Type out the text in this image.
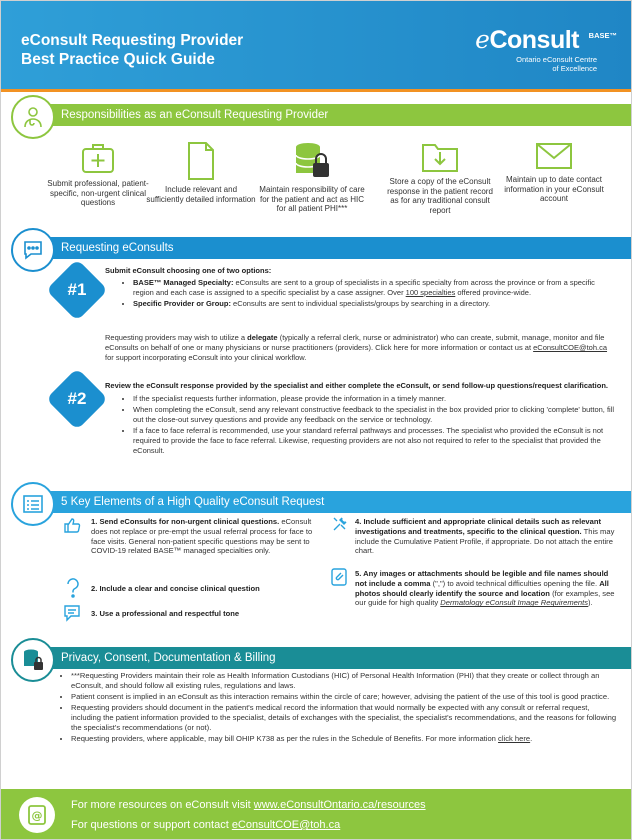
eConsult Requesting Provider
Best Practice Quick Guide
eConsult BASE™
Ontario eConsult Centre
of Excellence
Responsibilities as an eConsult Requesting Provider
Submit professional, patient-specific, non-urgent clinical questions
Include relevant and sufficiently detailed information
Maintain responsibility of care for the patient and act as HIC for all patient PHI***
Store a copy of the eConsult response in the patient record as for any traditional consult report
Maintain up to date contact information in your eConsult account
Requesting eConsults
#1
Submit eConsult choosing one of two options:
• BASE™ Managed Specialty: eConsults are sent to a group of specialists in a specific specialty from across the province or from a specific region and each case is assigned to a specific specialist by a case assigner. Over 100 specialties offered province-wide.
• Specific Provider or Group: eConsults are sent to individual specialists/groups by searching in a directory.
Requesting providers may wish to utilize a delegate (typically a referral clerk, nurse or administrator) who can create, submit, manage, monitor and file eConsults on behalf of one or many physicians or nurse practitioners (providers). Click here for more information or contact us at eConsultCOE@toh.ca for support incorporating eConsult into your clinical workflow.
#2
Review the eConsult response provided by the specialist and either complete the eConsult, or send follow-up questions/request clarification.
• If the specialist requests further information, please provide the information in a timely manner.
• When completing the eConsult, send any relevant constructive feedback to the specialist in the box provided prior to clicking 'complete' button, fill out the close-out survey questions and provide any feedback on the service or technology.
• If a face to face referral is recommended, use your standard referral pathways and processes. The specialist who provided the eConsult is not required to provide the face to face referral. Likewise, requesting providers are not also not required to refer to the specialist that provided the eConsult.
5 Key Elements of a High Quality eConsult Request
1. Send eConsults for non-urgent clinical questions. eConsult does not replace or pre-empt the usual referral process for face to face visits. General non-patient specific questions may be sent to COVID-19 related BASE™ managed specialties only.
2. Include a clear and concise clinical question
3. Use a professional and respectful tone
4. Include sufficient and appropriate clinical details such as relevant investigations and treatments, specific to the clinical question. This may include the Cumulative Patient Profile, if appropriate. Do not attach the entire chart.
5. Any images or attachments should be legible and file names should not include a comma (",") to avoid technical difficulties opening the file. All photos should clearly identify the source and location (for examples, see our guide for high quality Dermatology eConsult Image Requirements).
Privacy, Consent, Documentation & Billing
• ***Requesting Providers maintain their role as Health Information Custodians (HIC) of Personal Health Information (PHI) that they create or collect through an eConsult, and should follow all existing rules, regulations and laws.
• Patient consent is implied in an eConsult as this interaction remains within the circle of care; however, advising the patient of the use of this tool is good practice.
• Requesting providers should document in the patient's medical record the information that would normally be expected with any consult or referral request, including the patient information provided to the specialist, details of exchanges with the specialist, the specialist's recommendations, and the reasons for following the specialist's recommendations (or not).
• Requesting providers, where applicable, may bill OHIP K738 as per the rules in the Schedule of Benefits. For more information click here.
@
For more resources on eConsult visit www.eConsultOntario.ca/resources
For questions or support contact eConsultCOE@toh.ca
